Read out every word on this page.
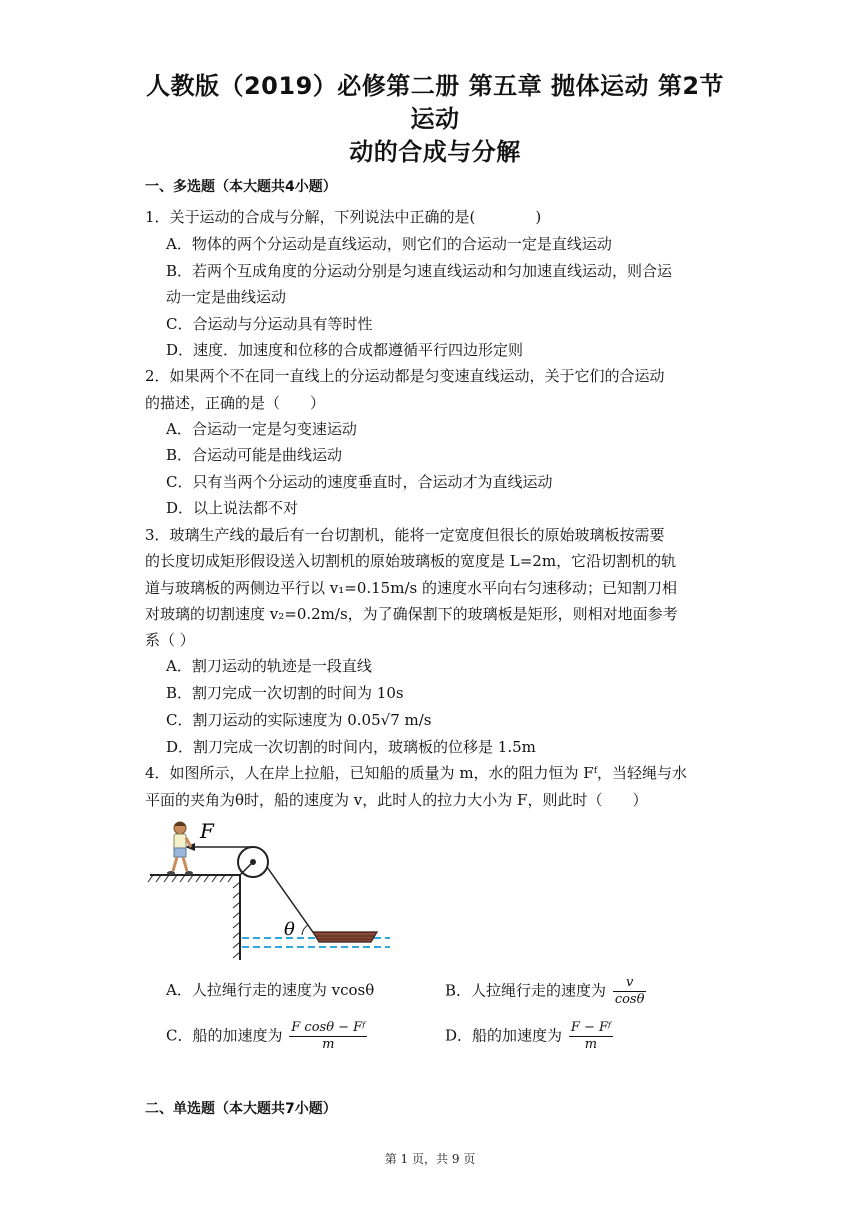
人教版（2019）必修第二册 第五章 抛体运动 第2节 运动
动的合成与分解
一、多选题（本大题共4小题）
1．关于运动的合成与分解，下列说法中正确的是(　　　　)
A．物体的两个分运动是直线运动，则它们的合运动一定是直线运动
B．若两个互成角度的分运动分别是匀速直线运动和匀加速直线运动，则合运
动一定是曲线运动
C．合运动与分运动具有等时性
D．速度．加速度和位移的合成都遵循平行四边形定则
2．如果两个不在同一直线上的分运动都是匀变速直线运动，关于它们的合运动
的描述，正确的是（　　）
A．合运动一定是匀变速运动
B．合运动可能是曲线运动
C．只有当两个分运动的速度垂直时，合运动才为直线运动
D．以上说法都不对
3．玻璃生产线的最后有一台切割机，能将一定宽度但很长的原始玻璃板按需要
的长度切成矩形假设送入切割机的原始玻璃板的宽度是 L=2m，它沿切割机的轨
道与玻璃板的两侧边平行以 v₁=0.15m/s 的速度水平向右匀速移动；已知割刀相
对玻璃的切割速度 v₂=0.2m/s，为了确保割下的玻璃板是矩形，则相对地面参考
系（ ）
A．割刀运动的轨迹是一段直线
B．割刀完成一次切割的时间为 10s
C．割刀运动的实际速度为 0.05√7 m/s
D．割刀完成一次切割的时间内，玻璃板的位移是 1.5m
4．如图所示，人在岸上拉船，已知船的质量为 m，水的阻力恒为 Fᶠ，当轻绳与水
平面的夹角为θ时，船的速度为 v，此时人的拉力大小为 F，则此时（　　）
F
θ
A．人拉绳行走的速度为 vcosθ	B．人拉绳行走的速度为 $\frac{v}{\cos\theta}$
C．船的加速度为 $\frac{\text{F cosθ − Fᶠ}}{m}$	D．船的加速度为 $\frac{\text{F − Fᶠ}}{m}$
二、单选题（本大题共7小题）
第 1 页，共 9 页
